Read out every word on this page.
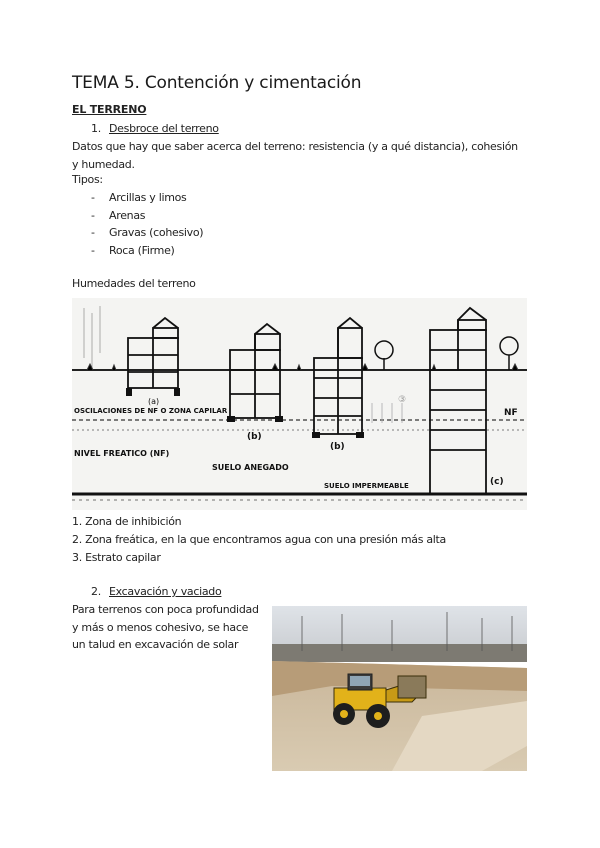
TEMA 5. Contención y cimentación
EL TERRENO
1. Desbroce del terreno
Datos que hay que saber acerca del terreno: resistencia (y a qué distancia), cohesión y humedad.
Tipos:
- Arcillas y limos
- Arenas
- Gravas (cohesivo)
- Roca (Firme)
Humedades del terreno
OSCILACIONES DE NF O ZONA CAPILAR
NIVEL FREATICO (NF)
SUELO ANEGADO
SUELO IMPERMEABLE
NF
(a)
(b)
(b)
(c)
③
1. Zona de inhibición
2. Zona freática, en la que encontramos agua con una presión más alta
3. Estrato capilar
2. Excavación y vaciado
Para terrenos con poca profundidad y más o menos cohesivo, se hace un talud en excavación de solar
